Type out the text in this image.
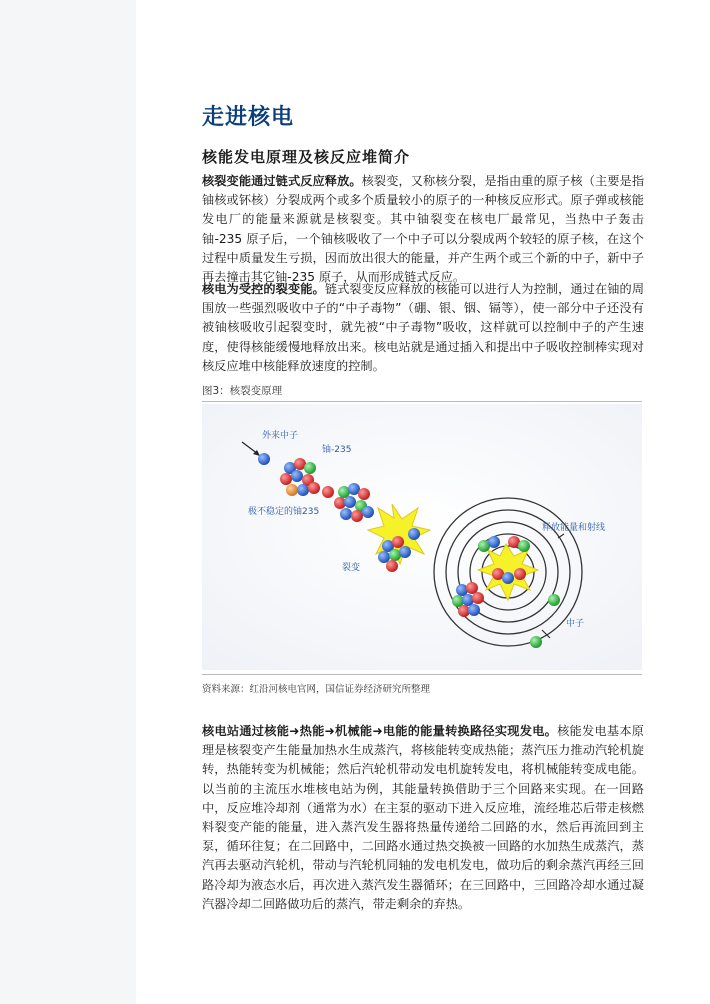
走进核电
核能发电原理及核反应堆简介

核裂变能通过链式反应释放。核裂变，又称核分裂，是指由重的原子核（主要是指铀核或钚核）分裂成两个或多个质量较小的原子的一种核反应形式。原子弹或核能发电厂的能量来源就是核裂变。其中铀裂变在核电厂最常见，当热中子轰击铀-235 原子后，一个铀核吸收了一个中子可以分裂成两个较轻的原子核，在这个过程中质量发生亏损，因而放出很大的能量，并产生两个或三个新的中子，新中子再去撞击其它铀-235 原子，从而形成链式反应。

核电为受控的裂变能。链式裂变反应释放的核能可以进行人为控制，通过在铀的周围放一些强烈吸收中子的“中子毒物”（硼、银、铟、镉等），使一部分中子还没有被铀核吸收引起裂变时，就先被“中子毒物”吸收，这样就可以控制中子的产生速度，使得核能缓慢地释放出来。核电站就是通过插入和提出中子吸收控制棒实现对核反应堆中核能释放速度的控制。

图3：核裂变原理
外来中子
铀-235
极不稳定的铀235
裂变
释放能量和射线
中子
资料来源：红沿河核电官网，国信证券经济研究所整理

核电站通过核能➜热能➜机械能➜电能的能量转换路径实现发电。核能发电基本原理是核裂变产生能量加热水生成蒸汽，将核能转变成热能；蒸汽压力推动汽轮机旋转，热能转变为机械能；然后汽轮机带动发电机旋转发电，将机械能转变成电能。以当前的主流压水堆核电站为例，其能量转换借助于三个回路来实现。在一回路中，反应堆冷却剂（通常为水）在主泵的驱动下进入反应堆，流经堆芯后带走核燃料裂变产能的能量，进入蒸汽发生器将热量传递给二回路的水，然后再流回到主泵，循环往复；在二回路中，二回路水通过热交换被一回路的水加热生成蒸汽，蒸汽再去驱动汽轮机，带动与汽轮机同轴的发电机发电，做功后的剩余蒸汽再经三回路冷却为液态水后，再次进入蒸汽发生器循环；在三回路中，三回路冷却水通过凝汽器冷却二回路做功后的蒸汽，带走剩余的弃热。
